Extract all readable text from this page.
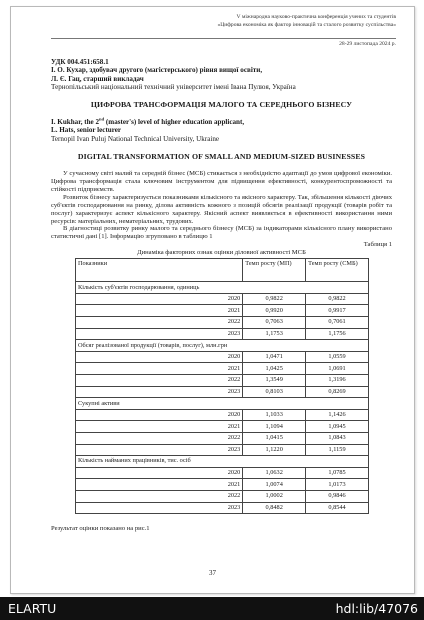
V міжнародна науково-практична конференція учених та студентів
«Цифрова економіка як фактор інновацій та сталого розвитку суспільства»
28-29 листопада 2024 р.
УДК 004.451:658.1
І. О. Кухар, здобувач другого (магістерського) рівня вищої освіти,
Л. Є. Гац, старший викладач
Тернопільський національний технічний університет імені Івана Пулюя, Україна
ЦИФРОВА ТРАНСФОРМАЦІЯ МАЛОГО ТА СЕРЕДНЬОГО БІЗНЕСУ
I. Kukhar, the 2nd (master's) level of higher education applicant,
L. Hats, senior lecturer
Ternopil Ivan Puluj National Technical University, Ukraine
DIGITAL TRANSFORMATION OF SMALL AND MEDIUM-SIZED BUSINESSES

У сучасному світі малий та середній бізнес (МСБ) стикається з необхідністю адаптації до умов цифрової економіки. Цифрова трансформація стала ключовим інструментом для підвищення ефективності, конкурентоспроможності та стійкості підприємств.

Розвиток бізнесу характеризується показниками кількісного та якісного характеру. Так, збільшення кількості діючих суб'єктів господарювання на ринку, ділова активність кожного з позицій обсягів реалізації продукції (товарів робіт та послуг) характеризує аспект кількісного характеру. Якісний аспект виявляється в ефективності використання ними ресурсів: матеріальних, нематеріальних, трудових.

В діагностиці розвитку ринку малого та середнього бізнесу (МСБ) за індикаторами кількісного плану використано статистичні дані [1]. Інформацію згруповано в таблицю 1

Таблиця 1
Динаміка факторних ознак оцінки діловиої активності МСБ
Показники	Темп росту (МП)	Темп росту (СМБ)
Кількість суб'єктів господарювання, одиниць		
2020	0,9822	0,9822
2021	0,9920	0,9917
2022	0,7063	0,7061
2023	1,1753	1,1756
Обсяг реалізованої продукції (товарів, послуг), млн.грн		
2020	1,0471	1,0559
2021	1,0425	1,0691
2022	1,3549	1,3196
2023	0,8103	0,8269
Сукупні активи		
2020	1,1033	1,1426
2021	1,1094	1,0945
2022	1,0415	1,0843
2023	1,1220	1,1159
Кількість найманих працівників, тис. осіб		
2020	1,0632	1,0785
2021	1,0074	1,0173
2022	1,0002	0,9846
2023	0,8482	0,8544

Результат оцінки показано на рис.1

37
ELARTU	hdl:lib/47076
